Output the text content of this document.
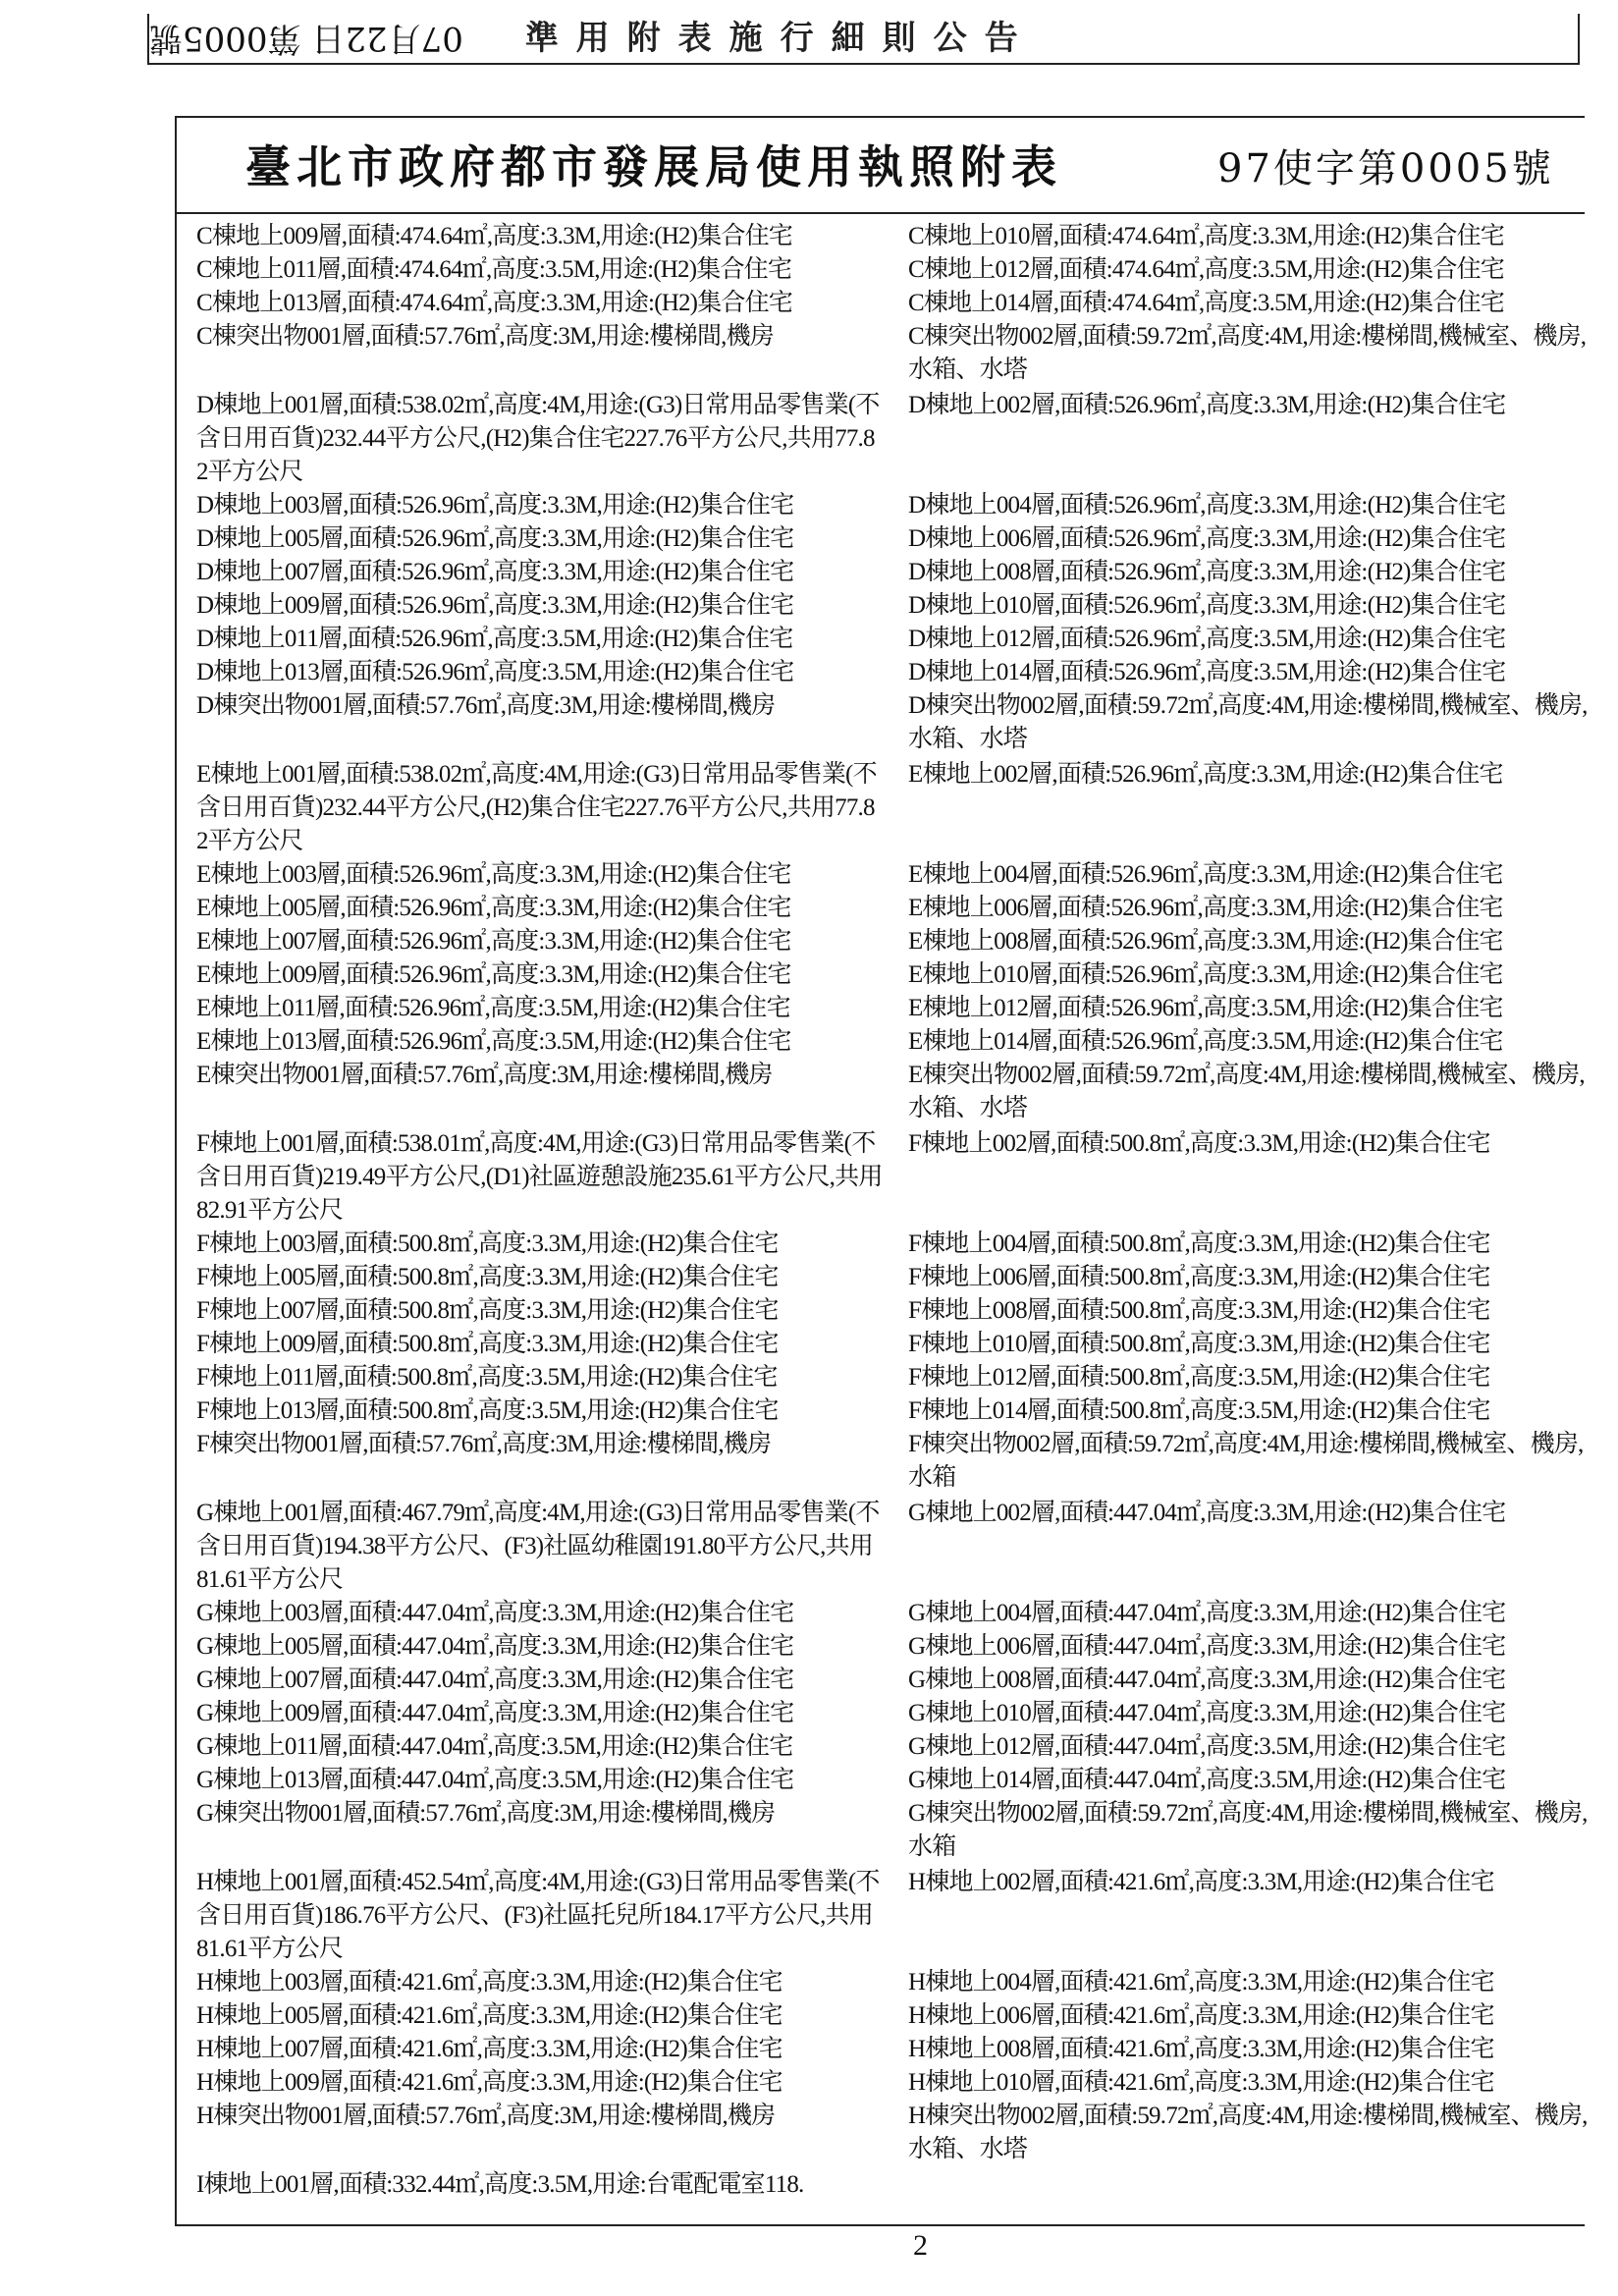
07月22日 第0005號 準用附表施行細則公告
臺北市政府都市發展局使用執照附表	97使字第0005號
C棟地上009層,面積:474.64㎡,高度:3.3M,用途:(H2)集合住宅
C棟地上011層,面積:474.64㎡,高度:3.5M,用途:(H2)集合住宅
C棟地上013層,面積:474.64㎡,高度:3.3M,用途:(H2)集合住宅
C棟突出物001層,面積:57.76㎡,高度:3M,用途:樓梯間,機房
D棟地上001層,面積:538.02㎡,高度:4M,用途:(G3)日常用品零售業(不含日用百貨)232.44平方公尺,(H2)集合住宅227.76平方公尺,共用77.82平方公尺
D棟地上003層,面積:526.96㎡,高度:3.3M,用途:(H2)集合住宅
D棟地上005層,面積:526.96㎡,高度:3.3M,用途:(H2)集合住宅
D棟地上007層,面積:526.96㎡,高度:3.3M,用途:(H2)集合住宅
D棟地上009層,面積:526.96㎡,高度:3.3M,用途:(H2)集合住宅
D棟地上011層,面積:526.96㎡,高度:3.5M,用途:(H2)集合住宅
D棟地上013層,面積:526.96㎡,高度:3.5M,用途:(H2)集合住宅
D棟突出物001層,面積:57.76㎡,高度:3M,用途:樓梯間,機房
E棟地上001層,面積:538.02㎡,高度:4M,用途:(G3)日常用品零售業(不含日用百貨)232.44平方公尺,(H2)集合住宅227.76平方公尺,共用77.82平方公尺
E棟地上003層,面積:526.96㎡,高度:3.3M,用途:(H2)集合住宅
E棟地上005層,面積:526.96㎡,高度:3.3M,用途:(H2)集合住宅
E棟地上007層,面積:526.96㎡,高度:3.3M,用途:(H2)集合住宅
E棟地上009層,面積:526.96㎡,高度:3.3M,用途:(H2)集合住宅
E棟地上011層,面積:526.96㎡,高度:3.5M,用途:(H2)集合住宅
E棟地上013層,面積:526.96㎡,高度:3.5M,用途:(H2)集合住宅
E棟突出物001層,面積:57.76㎡,高度:3M,用途:樓梯間,機房
F棟地上001層,面積:538.01㎡,高度:4M,用途:(G3)日常用品零售業(不含日用百貨)219.49平方公尺,(D1)社區遊憩設施235.61平方公尺,共用82.91平方公尺
F棟地上003層,面積:500.8㎡,高度:3.3M,用途:(H2)集合住宅
F棟地上005層,面積:500.8㎡,高度:3.3M,用途:(H2)集合住宅
F棟地上007層,面積:500.8㎡,高度:3.3M,用途:(H2)集合住宅
F棟地上009層,面積:500.8㎡,高度:3.3M,用途:(H2)集合住宅
F棟地上011層,面積:500.8㎡,高度:3.5M,用途:(H2)集合住宅
F棟地上013層,面積:500.8㎡,高度:3.5M,用途:(H2)集合住宅
F棟突出物001層,面積:57.76㎡,高度:3M,用途:樓梯間,機房
G棟地上001層,面積:467.79㎡,高度:4M,用途:(G3)日常用品零售業(不含日用百貨)194.38平方公尺、(F3)社區幼稚園191.80平方公尺,共用81.61平方公尺
G棟地上003層,面積:447.04㎡,高度:3.3M,用途:(H2)集合住宅
G棟地上005層,面積:447.04㎡,高度:3.3M,用途:(H2)集合住宅
G棟地上007層,面積:447.04㎡,高度:3.3M,用途:(H2)集合住宅
G棟地上009層,面積:447.04㎡,高度:3.3M,用途:(H2)集合住宅
G棟地上011層,面積:447.04㎡,高度:3.5M,用途:(H2)集合住宅
G棟地上013層,面積:447.04㎡,高度:3.5M,用途:(H2)集合住宅
G棟突出物001層,面積:57.76㎡,高度:3M,用途:樓梯間,機房
H棟地上001層,面積:452.54㎡,高度:4M,用途:(G3)日常用品零售業(不含日用百貨)186.76平方公尺、(F3)社區托兒所184.17平方公尺,共用81.61平方公尺
H棟地上003層,面積:421.6㎡,高度:3.3M,用途:(H2)集合住宅
H棟地上005層,面積:421.6㎡,高度:3.3M,用途:(H2)集合住宅
H棟地上007層,面積:421.6㎡,高度:3.3M,用途:(H2)集合住宅
H棟地上009層,面積:421.6㎡,高度:3.3M,用途:(H2)集合住宅
H棟突出物001層,面積:57.76㎡,高度:3M,用途:樓梯間,機房
I棟地上001層,面積:332.44㎡,高度:3.5M,用途:台電配電室118.
C棟地上010層,面積:474.64㎡,高度:3.3M,用途:(H2)集合住宅
C棟地上012層,面積:474.64㎡,高度:3.5M,用途:(H2)集合住宅
C棟地上014層,面積:474.64㎡,高度:3.5M,用途:(H2)集合住宅
C棟突出物002層,面積:59.72㎡,高度:4M,用途:樓梯間,機械室、機房,水箱、水塔
D棟地上002層,面積:526.96㎡,高度:3.3M,用途:(H2)集合住宅
D棟地上004層,面積:526.96㎡,高度:3.3M,用途:(H2)集合住宅
D棟地上006層,面積:526.96㎡,高度:3.3M,用途:(H2)集合住宅
D棟地上008層,面積:526.96㎡,高度:3.3M,用途:(H2)集合住宅
D棟地上010層,面積:526.96㎡,高度:3.3M,用途:(H2)集合住宅
D棟地上012層,面積:526.96㎡,高度:3.5M,用途:(H2)集合住宅
D棟地上014層,面積:526.96㎡,高度:3.5M,用途:(H2)集合住宅
D棟突出物002層,面積:59.72㎡,高度:4M,用途:樓梯間,機械室、機房,水箱、水塔
E棟地上002層,面積:526.96㎡,高度:3.3M,用途:(H2)集合住宅
E棟地上004層,面積:526.96㎡,高度:3.3M,用途:(H2)集合住宅
E棟地上006層,面積:526.96㎡,高度:3.3M,用途:(H2)集合住宅
E棟地上008層,面積:526.96㎡,高度:3.3M,用途:(H2)集合住宅
E棟地上010層,面積:526.96㎡,高度:3.3M,用途:(H2)集合住宅
E棟地上012層,面積:526.96㎡,高度:3.5M,用途:(H2)集合住宅
E棟地上014層,面積:526.96㎡,高度:3.5M,用途:(H2)集合住宅
E棟突出物002層,面積:59.72㎡,高度:4M,用途:樓梯間,機械室、機房,水箱、水塔
F棟地上002層,面積:500.8㎡,高度:3.3M,用途:(H2)集合住宅
F棟地上004層,面積:500.8㎡,高度:3.3M,用途:(H2)集合住宅
F棟地上006層,面積:500.8㎡,高度:3.3M,用途:(H2)集合住宅
F棟地上008層,面積:500.8㎡,高度:3.3M,用途:(H2)集合住宅
F棟地上010層,面積:500.8㎡,高度:3.3M,用途:(H2)集合住宅
F棟地上012層,面積:500.8㎡,高度:3.5M,用途:(H2)集合住宅
F棟地上014層,面積:500.8㎡,高度:3.5M,用途:(H2)集合住宅
F棟突出物002層,面積:59.72㎡,高度:4M,用途:樓梯間,機械室、機房,水箱
G棟地上002層,面積:447.04㎡,高度:3.3M,用途:(H2)集合住宅
G棟地上004層,面積:447.04㎡,高度:3.3M,用途:(H2)集合住宅
G棟地上006層,面積:447.04㎡,高度:3.3M,用途:(H2)集合住宅
G棟地上008層,面積:447.04㎡,高度:3.3M,用途:(H2)集合住宅
G棟地上010層,面積:447.04㎡,高度:3.3M,用途:(H2)集合住宅
G棟地上012層,面積:447.04㎡,高度:3.5M,用途:(H2)集合住宅
G棟地上014層,面積:447.04㎡,高度:3.5M,用途:(H2)集合住宅
G棟突出物002層,面積:59.72㎡,高度:4M,用途:樓梯間,機械室、機房,水箱
H棟地上002層,面積:421.6㎡,高度:3.3M,用途:(H2)集合住宅
H棟地上004層,面積:421.6㎡,高度:3.3M,用途:(H2)集合住宅
H棟地上006層,面積:421.6㎡,高度:3.3M,用途:(H2)集合住宅
H棟地上008層,面積:421.6㎡,高度:3.3M,用途:(H2)集合住宅
H棟地上010層,面積:421.6㎡,高度:3.3M,用途:(H2)集合住宅
H棟突出物002層,面積:59.72㎡,高度:4M,用途:樓梯間,機械室、機房,水箱、水塔
2
